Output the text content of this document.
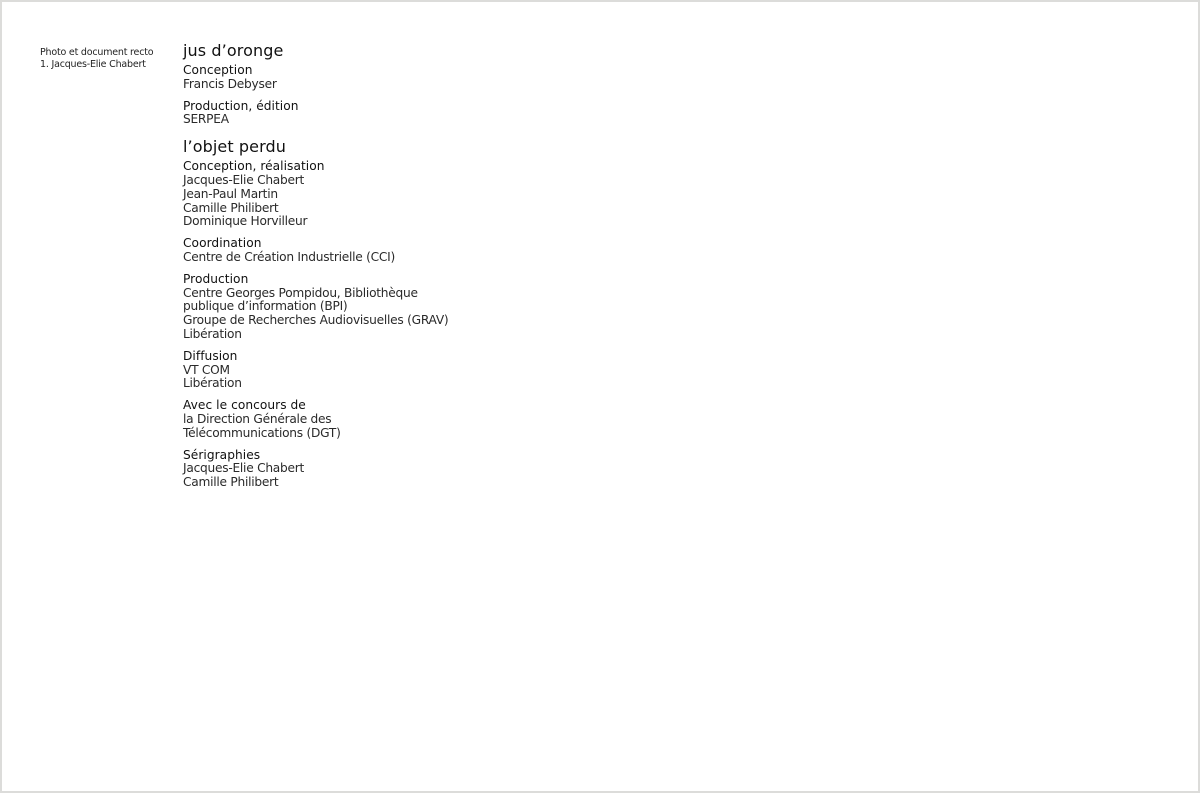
Photo et document recto
1. Jacques-Elie Chabert
jus d’oronge
Conception
Francis Debyser
Production, édition
SERPEA
l’objet perdu
Conception, réalisation
Jacques-Elie Chabert
Jean-Paul Martin
Camille Philibert
Dominique Horvilleur
Coordination
Centre de Création Industrielle (CCI)
Production
Centre Georges Pompidou, Bibliothèque
publique d’information (BPI)
Groupe de Recherches Audiovisuelles (GRAV)
Libération
Diffusion
VT COM
Libération
Avec le concours de
la Direction Générale des
Télécommunications (DGT)
Sérigraphies
Jacques-Elie Chabert
Camille Philibert
